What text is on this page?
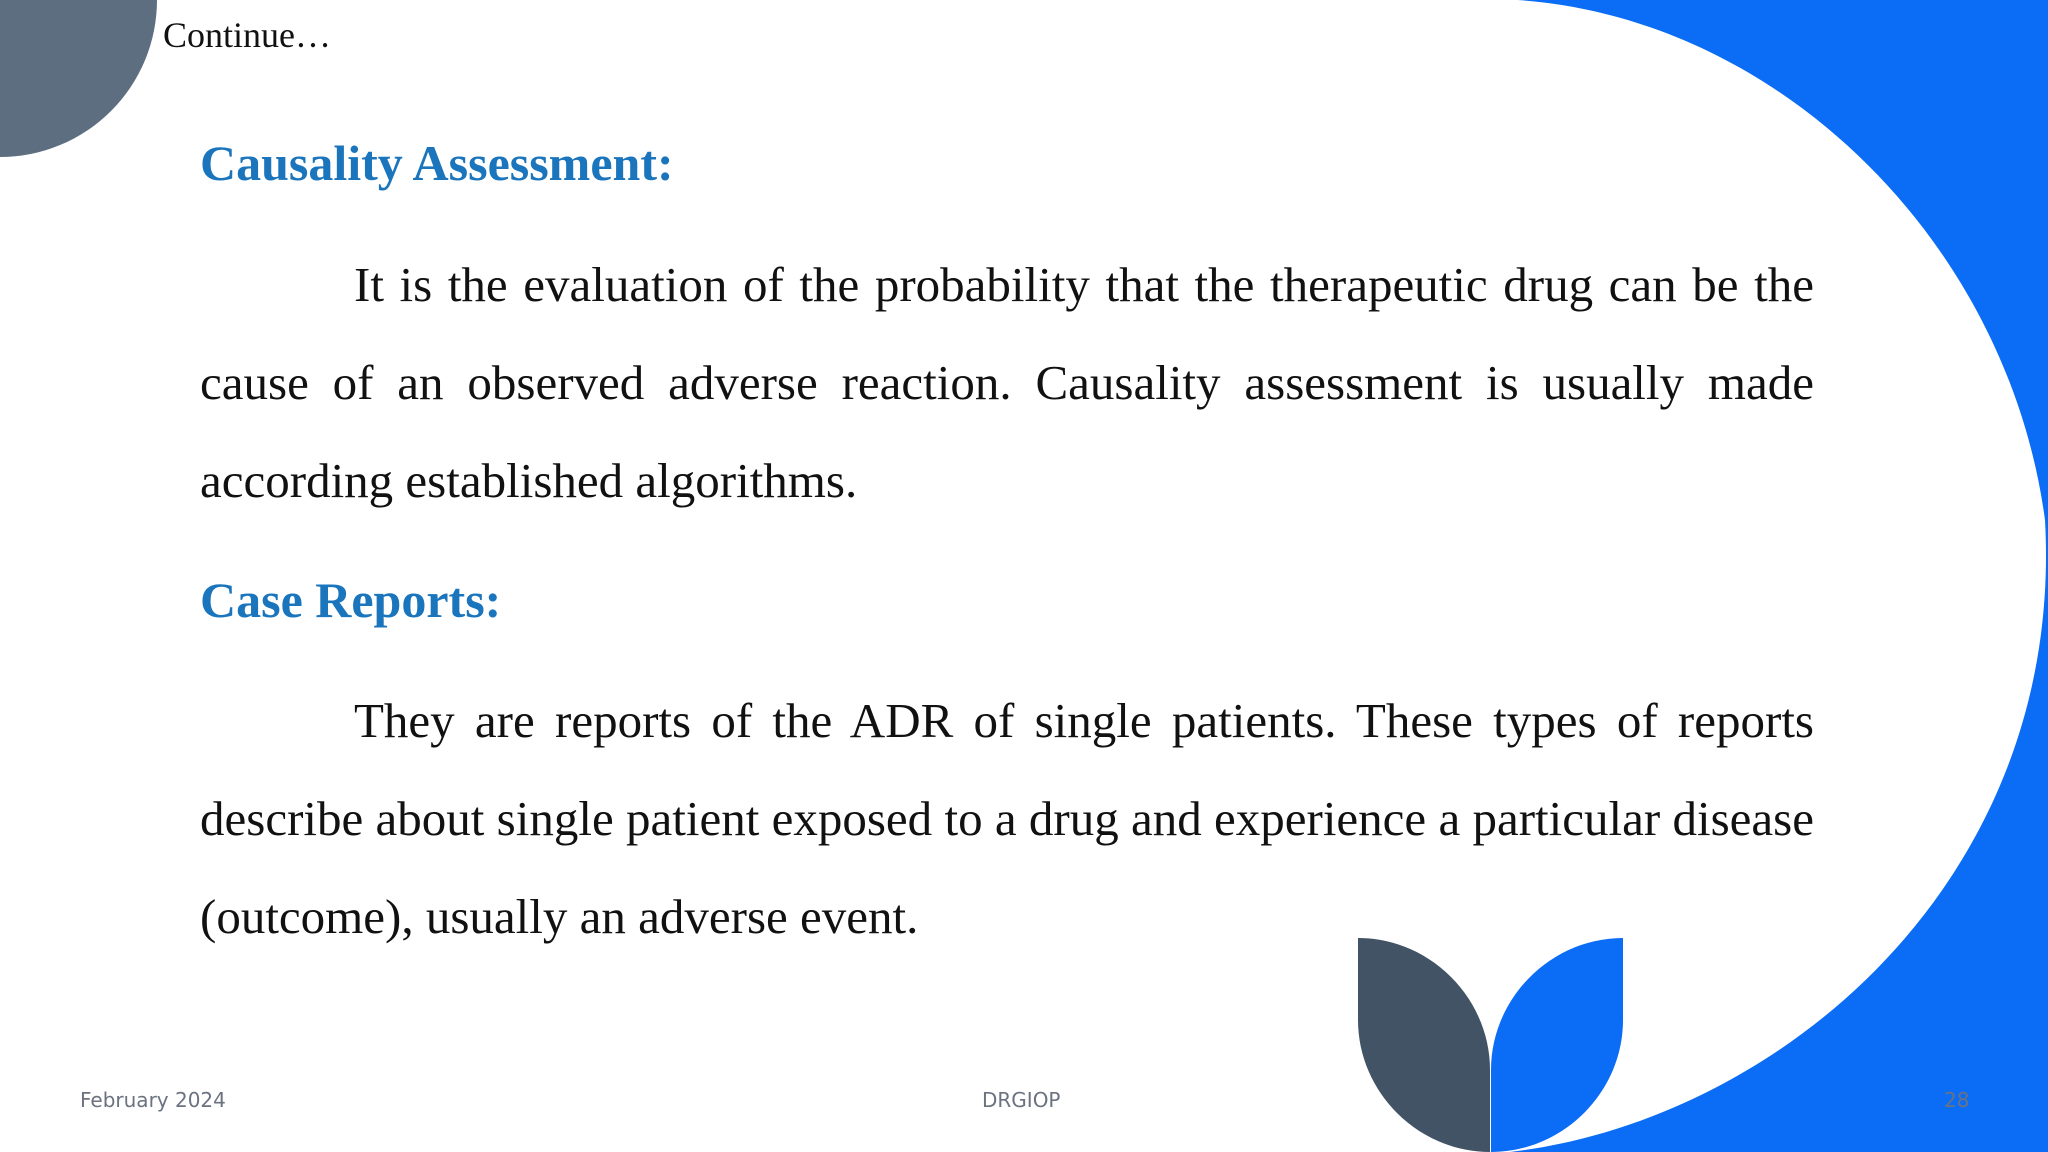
Continue…
Causality Assessment:

It is the evaluation of the probability that the therapeutic drug can be the cause of an observed adverse reaction. Causality assessment is usually made according established algorithms.

Case Reports:

They are reports of the ADR of single patients. These types of reports describe about single patient exposed to a drug and experience a particular disease (outcome), usually an adverse event.

February 2024	DRGIOP	28
